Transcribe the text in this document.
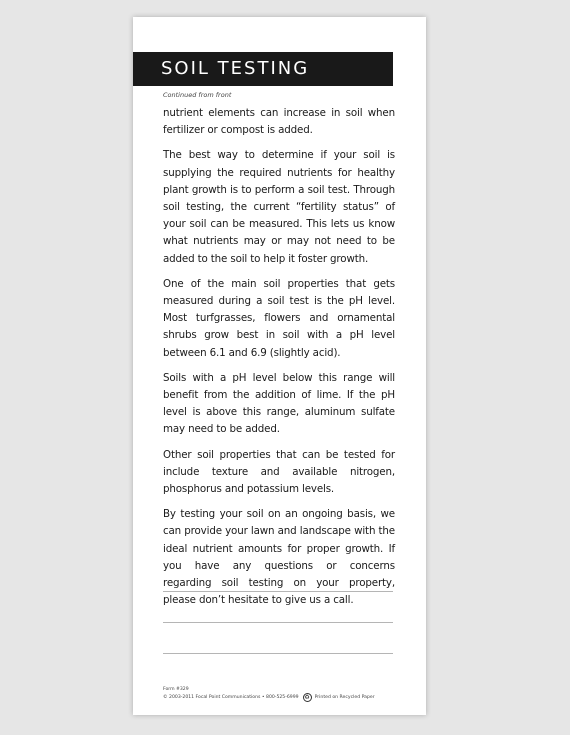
SOIL TESTING
Continued from front

nutrient elements can increase in soil when fertilizer or compost is added.

The best way to determine if your soil is supplying the required nutrients for healthy plant growth is to perform a soil test. Through soil testing, the current “fertility status” of your soil can be measured. This lets us know what nutrients may or may not need to be added to the soil to help it foster growth.

One of the main soil properties that gets measured during a soil test is the pH level. Most turfgrasses, flowers and ornamental shrubs grow best in soil with a pH level between 6.1 and 6.9 (slightly acid).

Soils with a pH level below this range will benefit from the addition of lime. If the pH level is above this range, aluminum sulfate may need to be added.

Other soil properties that can be tested for include texture and available nitrogen, phosphorus and potassium levels.

By testing your soil on an ongoing basis, we can provide your lawn and landscape with the ideal nutrient amounts for proper growth. If you have any questions or concerns regarding soil testing on your property, please don’t hesitate to give us a call.

Form #329
© 2003-2011 Focal Point Communications • 800-525-6999 ♻	Printed on Recycled Paper
